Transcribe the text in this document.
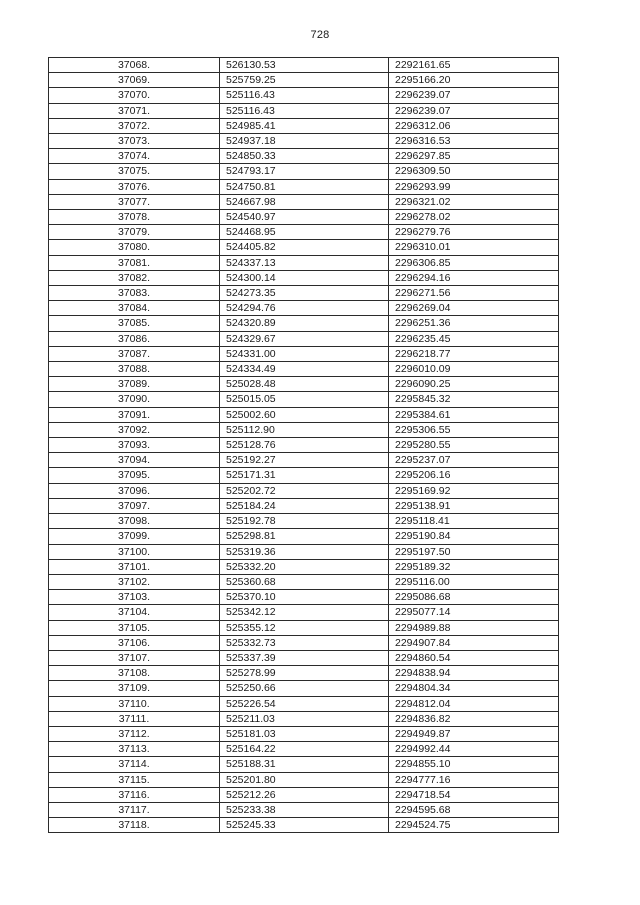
728
37068.	526130.53	2292161.65
37069.	525759.25	2295166.20
37070.	525116.43	2296239.07
37071.	525116.43	2296239.07
37072.	524985.41	2296312.06
37073.	524937.18	2296316.53
37074.	524850.33	2296297.85
37075.	524793.17	2296309.50
37076.	524750.81	2296293.99
37077.	524667.98	2296321.02
37078.	524540.97	2296278.02
37079.	524468.95	2296279.76
37080.	524405.82	2296310.01
37081.	524337.13	2296306.85
37082.	524300.14	2296294.16
37083.	524273.35	2296271.56
37084.	524294.76	2296269.04
37085.	524320.89	2296251.36
37086.	524329.67	2296235.45
37087.	524331.00	2296218.77
37088.	524334.49	2296010.09
37089.	525028.48	2296090.25
37090.	525015.05	2295845.32
37091.	525002.60	2295384.61
37092.	525112.90	2295306.55
37093.	525128.76	2295280.55
37094.	525192.27	2295237.07
37095.	525171.31	2295206.16
37096.	525202.72	2295169.92
37097.	525184.24	2295138.91
37098.	525192.78	2295118.41
37099.	525298.81	2295190.84
37100.	525319.36	2295197.50
37101.	525332.20	2295189.32
37102.	525360.68	2295116.00
37103.	525370.10	2295086.68
37104.	525342.12	2295077.14
37105.	525355.12	2294989.88
37106.	525332.73	2294907.84
37107.	525337.39	2294860.54
37108.	525278.99	2294838.94
37109.	525250.66	2294804.34
37110.	525226.54	2294812.04
37111.	525211.03	2294836.82
37112.	525181.03	2294949.87
37113.	525164.22	2294992.44
37114.	525188.31	2294855.10
37115.	525201.80	2294777.16
37116.	525212.26	2294718.54
37117.	525233.38	2294595.68
37118.	525245.33	2294524.75
